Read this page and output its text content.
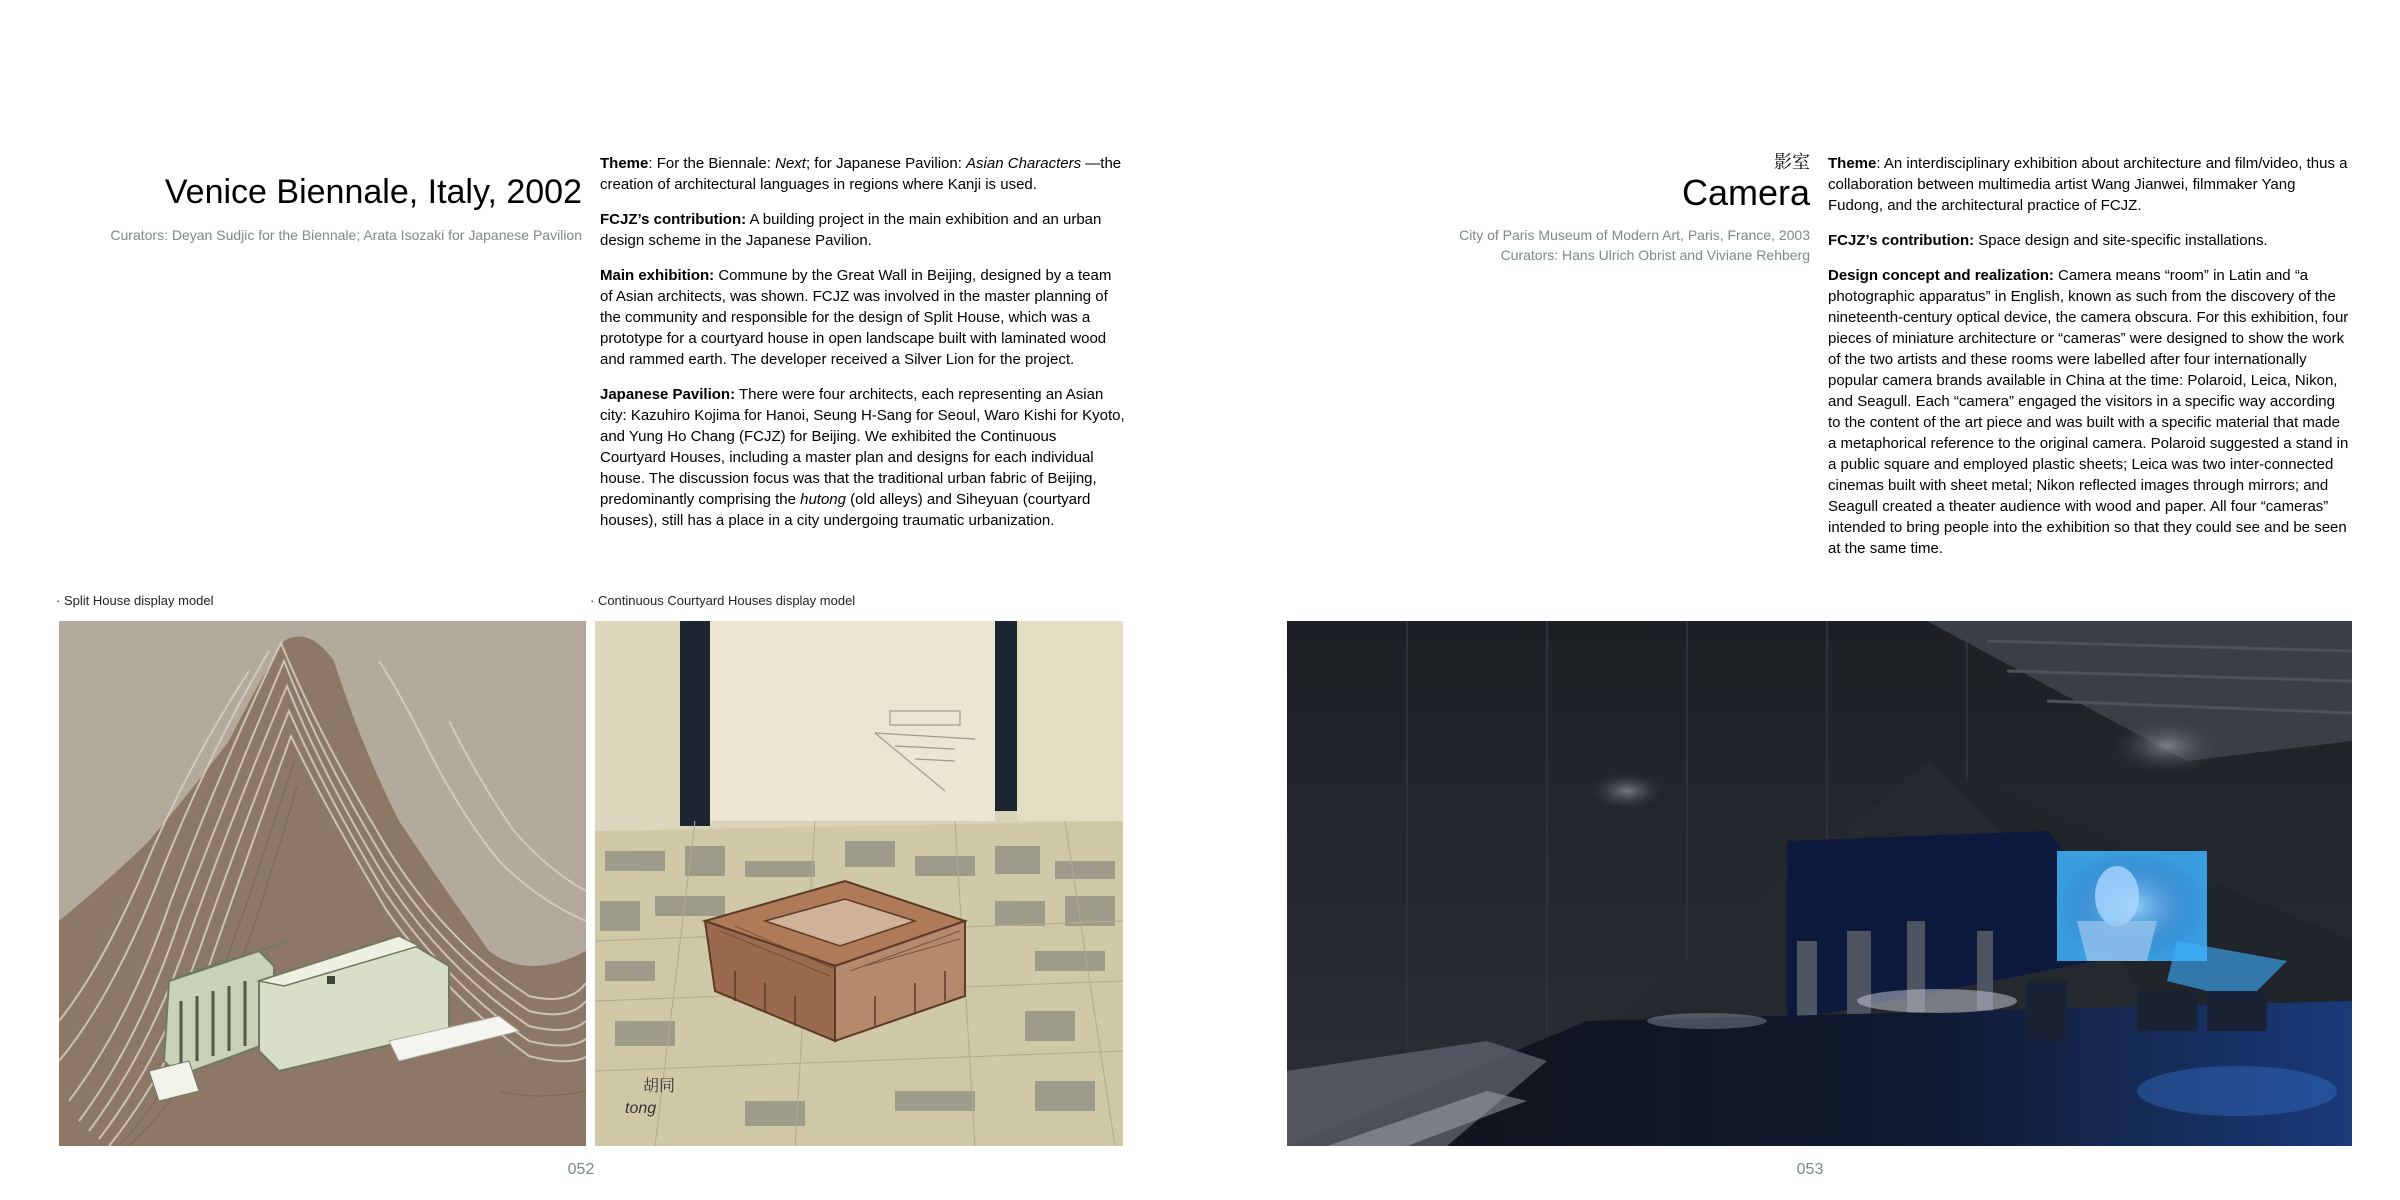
Venice Biennale, Italy, 2002
Curators: Deyan Sudjic for the Biennale; Arata Isozaki for Japanese Pavilion

Theme: For the Biennale: Next; for Japanese Pavilion: Asian Characters —the creation of architectural languages in regions where Kanji is used.

FCJZ’s contribution: A building project in the main exhibition and an urban design scheme in the Japanese Pavilion.

Main exhibition: Commune by the Great Wall in Beijing, designed by a team of Asian architects, was shown. FCJZ was involved in the master planning of the community and responsible for the design of Split House, which was a prototype for a courtyard house in open landscape built with laminated wood and rammed earth. The developer received a Silver Lion for the project.

Japanese Pavilion: There were four architects, each representing an Asian city: Kazuhiro Kojima for Hanoi, Seung H-Sang for Seoul, Waro Kishi for Kyoto, and Yung Ho Chang (FCJZ) for Beijing. We exhibited the Continuous Courtyard Houses, including a master plan and designs for each individual house. The discussion focus was that the traditional urban fabric of Beijing, predominantly comprising the hutong (old alleys) and Siheyuan (courtyard houses), still has a place in a city undergoing traumatic urbanization.

· Split House display model	· Continuous Courtyard Houses display model
胡同
tong
052
影室
Camera
City of Paris Museum of Modern Art, Paris, France, 2003
Curators: Hans Ulrich Obrist and Viviane Rehberg

Theme: An interdisciplinary exhibition about architecture and film/video, thus a collaboration between multimedia artist Wang Jianwei, filmmaker Yang Fudong, and the architectural practice of FCJZ.

FCJZ’s contribution: Space design and site-specific installations.

Design concept and realization: Camera means “room” in Latin and “a photographic apparatus” in English, known as such from the discovery of the nineteenth-century optical device, the camera obscura. For this exhibition, four pieces of miniature architecture or “cameras” were designed to show the work of the two artists and these rooms were labelled after four internationally popular camera brands available in China at the time: Polaroid, Leica, Nikon, and Seagull. Each “camera” engaged the visitors in a specific way according to the content of the art piece and was built with a specific material that made a metaphorical reference to the original camera. Polaroid suggested a stand in a public square and employed plastic sheets; Leica was two inter-connected cinemas built with sheet metal; Nikon reflected images through mirrors; and Seagull created a theater audience with wood and paper. All four “cameras” intended to bring people into the exhibition so that they could see and be seen at the same time.

053
